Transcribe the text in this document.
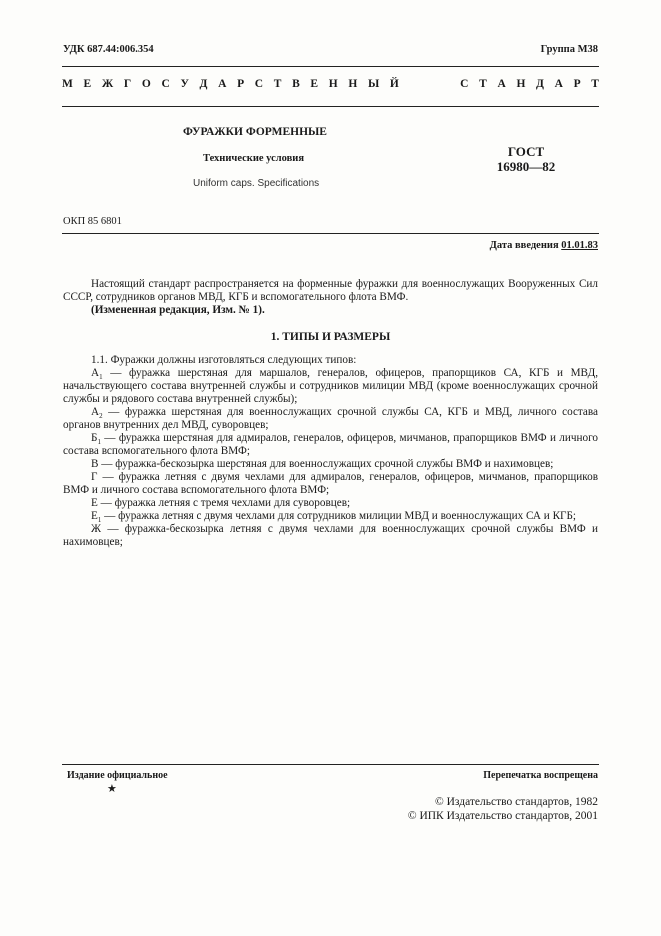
УДК 687.44:006.354	Группа М38
М Е Ж Г О С У Д А Р С Т В Е Н Н Ы Й	С Т А Н Д А Р Т
ФУРАЖКИ ФОРМЕННЫЕ
Технические условия
Uniform caps. Specifications
ГОСТ
16980—82
ОКП 85 6801
Дата введения 01.01.83

Настоящий стандарт распространяется на форменные фуражки для военнослужащих Вооруженных Сил СССР, сотрудников органов МВД, КГБ и вспомогательного флота ВМФ.

(Измененная редакция, Изм. № 1).

1. ТИПЫ И РАЗМЕРЫ

1.1. Фуражки должны изготовляться следующих типов:

$А_1$ — фуражка шерстяная для маршалов, генералов, офицеров, прапорщиков СА, КГБ и МВД, начальствующего состава внутренней службы и сотрудников милиции МВД (кроме военнослужащих срочной службы и рядового состава внутренней службы);

$А_2$ — фуражка шерстяная для военнослужащих срочной службы СА, КГБ и МВД, личного состава органов внутренних дел МВД, суворовцев;

$Б_1$ — фуражка шерстяная для адмиралов, генералов, офицеров, мичманов, прапорщиков ВМФ и личного состава вспомогательного флота ВМФ;

В — фуражка-бескозырка шерстяная для военнослужащих срочной службы ВМФ и нахимовцев;

Г — фуражка летняя с двумя чехлами для адмиралов, генералов, офицеров, мичманов, прапорщиков ВМФ и личного состава вспомогательного флота ВМФ;

Е — фуражка летняя с тремя чехлами для суворовцев;

$Е_1$ — фуражка летняя с двумя чехлами для сотрудников милиции МВД и военнослужащих СА и КГБ;

Ж — фуражка-бескозырка летняя с двумя чехлами для военнослужащих срочной службы ВМФ и нахимовцев;

Издание официальное
★
Перепечатка воспрещена
© Издательство стандартов, 1982
© ИПК Издательство стандартов, 2001
